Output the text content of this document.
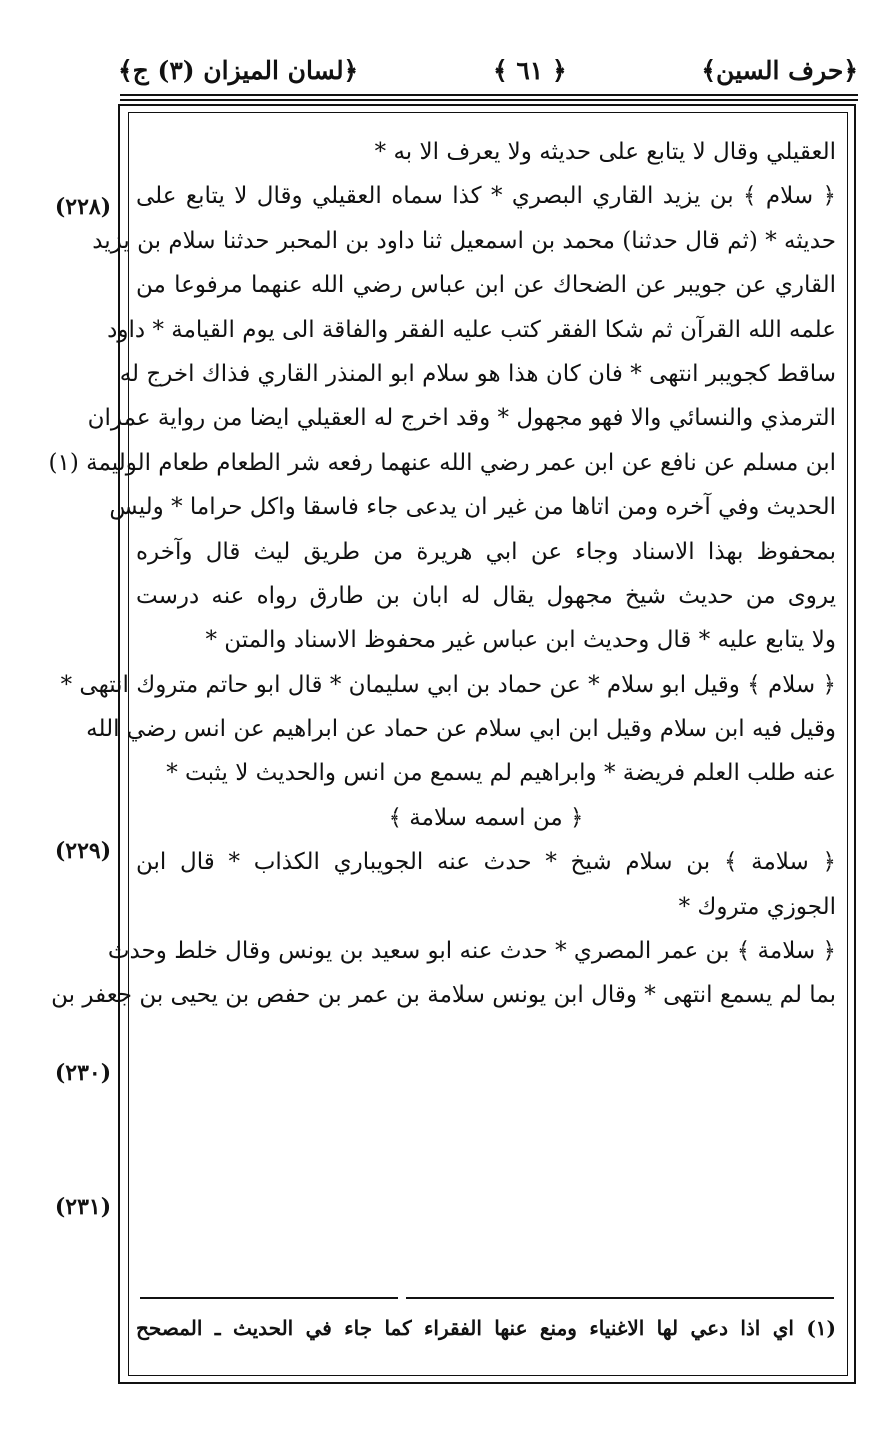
﴿حرف السين﴾
﴿ ٦١ ﴾
﴿لسان الميزان (٣) ج﴾
(٢٢٨)
(٢٢٩)
(٢٣٠)
(٢٣١)
العقيلي وقال لا يتابع على حديثه ولا يعرف الا به *
﴿ سلام ﴾ بن يزيد القاري البصري * كذا سماه العقيلي وقال لا يتابع على
حديثه * (ثم قال حدثنا) محمد بن اسمعيل ثنا داود بن المحبر حدثنا سلام بن يزيد
القاري عن جويبر عن الضحاك عن ابن عباس رضي الله عنهما مرفوعا من
علمه الله القرآن ثم شكا الفقر كتب عليه الفقر والفاقة الى يوم القيامة * داود
ساقط كجويبر انتهى * فان كان هذا هو سلام ابو المنذر القاري فذاك اخرج له
الترمذي والنسائي والا فهو مجهول * وقد اخرج له العقيلي ايضا من رواية عمران
ابن مسلم عن نافع عن ابن عمر رضي الله عنهما رفعه شر الطعام طعام الوليمة (١)
الحديث وفي آخره ومن اتاها من غير ان يدعى جاء فاسقا واكل حراما * وليس
بمحفوظ بهذا الاسناد وجاء عن ابي هريرة من طريق ليث قال وآخره
يروى من حديث شيخ مجهول يقال له ابان بن طارق رواه عنه درست
ولا يتابع عليه * قال وحديث ابن عباس غير محفوظ الاسناد والمتن *
﴿ سلام ﴾ وقيل ابو سلام * عن حماد بن ابي سليمان * قال ابو حاتم متروك انتهى *
وقيل فيه ابن سلام وقيل ابن ابي سلام عن حماد عن ابراهيم عن انس رضي الله
عنه طلب العلم فريضة * وابراهيم لم يسمع من انس والحديث لا يثبت *
﴿ من اسمه سلامة ﴾
﴿ سلامة ﴾ بن سلام شيخ * حدث عنه الجويباري الكذاب * قال ابن
الجوزي متروك *
﴿ سلامة ﴾ بن عمر المصري * حدث عنه ابو سعيد بن يونس وقال خلط وحدث
بما لم يسمع انتهى * وقال ابن يونس سلامة بن عمر بن حفص بن يحيى بن جعفر بن
(١) اي اذا دعي لها الاغنياء ومنع عنها الفقراء كما جاء في الحديث ـ المصحح
